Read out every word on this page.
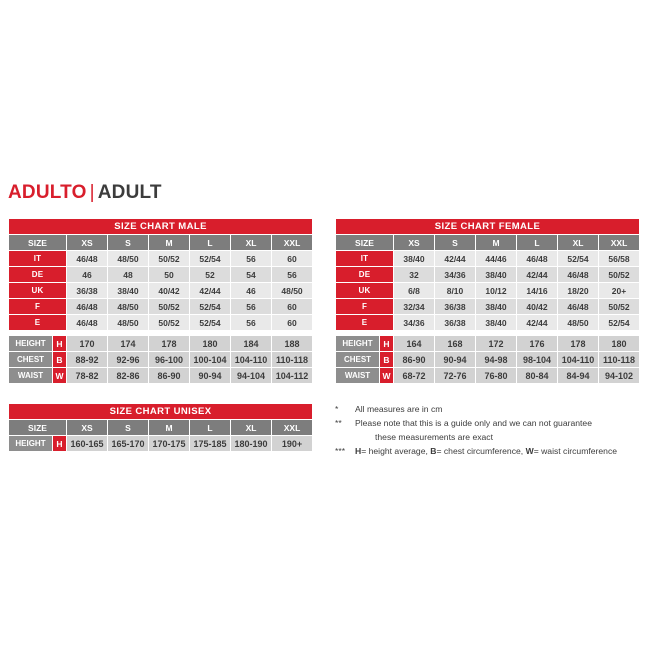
ADULTO | ADULT
SIZE CHART MALE							
SIZE		XS	S	M	L	XL	XXL
IT		46/48	48/50	50/52	52/54	56	60
DE		46	48	50	52	54	56
UK		36/38	38/40	40/42	42/44	46	48/50
F		46/48	48/50	50/52	52/54	56	60
E		46/48	48/50	50/52	52/54	56	60

HEIGHT	H	170	174	178	180	184	188
CHEST	B	88-92	92-96	96-100	100-104	104-110	110-118
WAIST	W	78-82	82-86	86-90	90-94	94-104	104-112
SIZE CHART FEMALE							
SIZE		XS	S	M	L	XL	XXL
IT		38/40	42/44	44/46	46/48	52/54	56/58
DE		32	34/36	38/40	42/44	46/48	50/52
UK		6/8	8/10	10/12	14/16	18/20	20+
F		32/34	36/38	38/40	40/42	46/48	50/52
E		34/36	36/38	38/40	42/44	48/50	52/54

HEIGHT	H	164	168	172	176	178	180
CHEST	B	86-90	90-94	94-98	98-104	104-110	110-118
WAIST	W	68-72	72-76	76-80	80-84	84-94	94-102
SIZE CHART UNISEX							
SIZE		XS	S	M	L	XL	XXL
HEIGHT	H	160-165	165-170	170-175	175-185	180-190	190+
*	All measures are in cm
**	Please note that this is a guide only and we can not guarantee
these measurements are exact
***	H= height average, B= chest circumference, W= waist circumference
